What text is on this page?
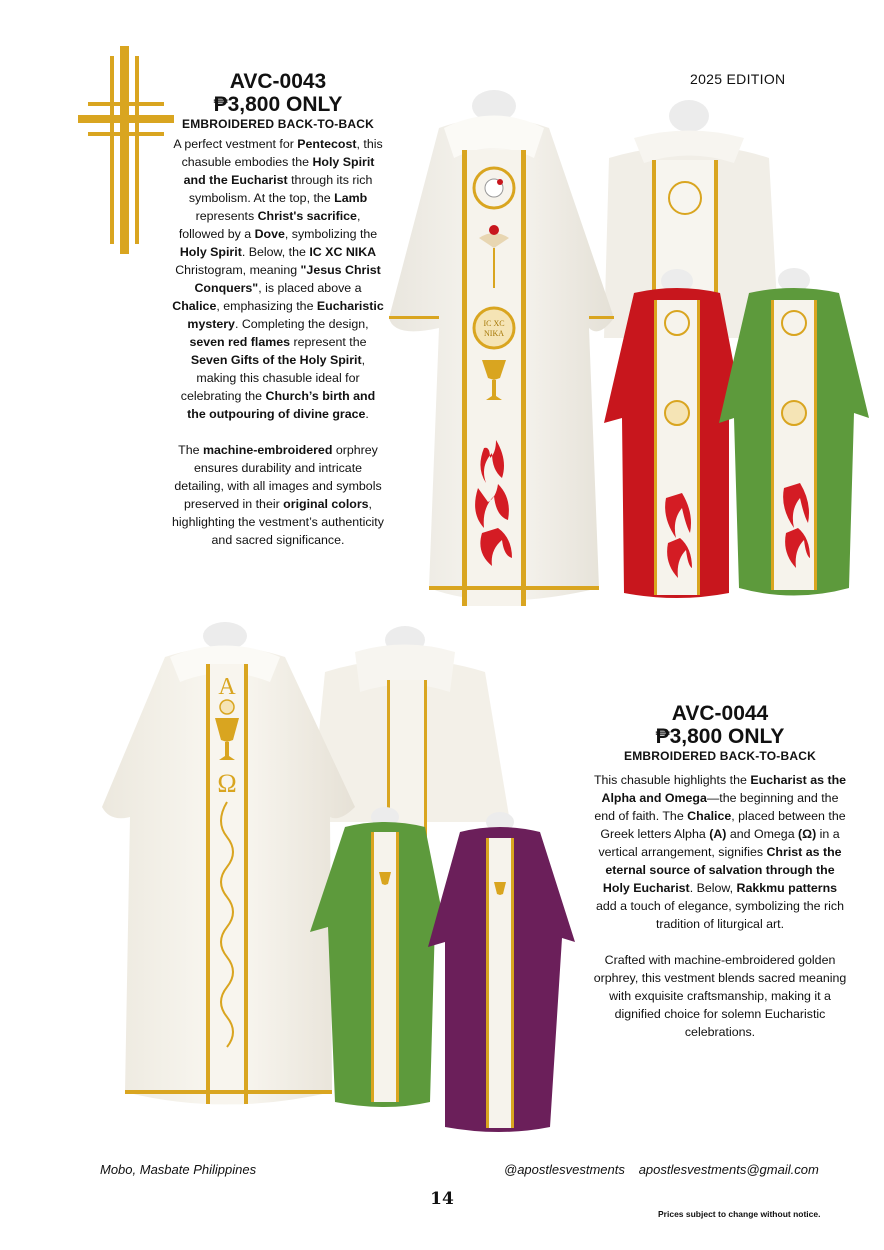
2025 EDITION
AVC-0043
₱3,800 ONLY
EMBROIDERED BACK-TO-BACK

A perfect vestment for Pentecost, this chasuble embodies the Holy Spirit and the Eucharist through its rich symbolism. At the top, the Lamb represents Christ's sacrifice, followed by a Dove, symbolizing the Holy Spirit. Below, the IC XC NIKA Christogram, meaning "Jesus Christ Conquers", is placed above a Chalice, emphasizing the Eucharistic mystery. Completing the design, seven red flames represent the Seven Gifts of the Holy Spirit, making this chasuble ideal for celebrating the Church’s birth and the outpouring of divine grace.

The machine-embroidered orphrey ensures durability and intricate detailing, with all images and symbols preserved in their original colors, highlighting the vestment’s authenticity and sacred significance.

IC XC
NIKA
A
Ω
AVC-0044
₱3,800 ONLY
EMBROIDERED BACK-TO-BACK

This chasuble highlights the Eucharist as the Alpha and Omega—the beginning and the end of faith. The Chalice, placed between the Greek letters Alpha (A) and Omega (Ω) in a vertical arrangement, signifies Christ as the eternal source of salvation through the Holy Eucharist. Below, Rakkmu patterns add a touch of elegance, symbolizing the rich tradition of liturgical art.

Crafted with machine-embroidered golden orphrey, this vestment blends sacred meaning with exquisite craftsmanship, making it a dignified choice for solemn Eucharistic celebrations.

Mobo, Masbate Philippines	@apostlesvestments   apostlesvestments@gmail.com
14
Prices subject to change without notice.
